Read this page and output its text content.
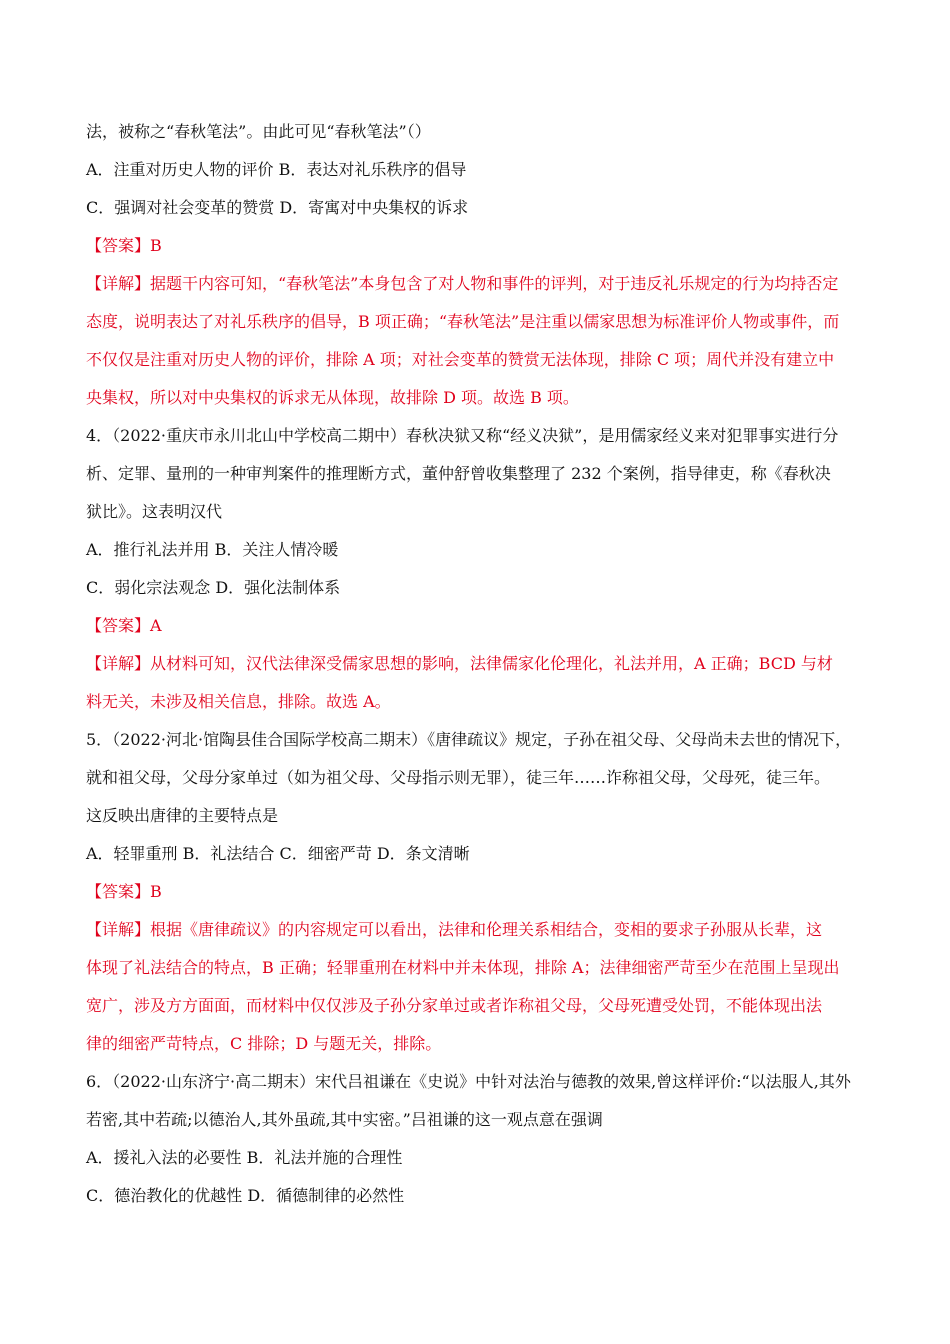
法，被称之“春秋笔法”。由此可见“春秋笔法”（）

A．注重对历史人物的评价 B．表达对礼乐秩序的倡导

C．强调对社会变革的赞赏 D．寄寓对中央集权的诉求

【答案】B

【详解】据题干内容可知，“春秋笔法”本身包含了对人物和事件的评判，对于违反礼乐规定的行为均持否定

态度，说明表达了对礼乐秩序的倡导，B 项正确；“春秋笔法”是注重以儒家思想为标准评价人物或事件，而

不仅仅是注重对历史人物的评价，排除 A 项；对社会变革的赞赏无法体现，排除 C 项；周代并没有建立中

央集权，所以对中央集权的诉求无从体现，故排除 D 项。故选 B 项。

4．（2022·重庆市永川北山中学校高二期中）春秋决狱又称“经义决狱”，是用儒家经义来对犯罪事实进行分

析、定罪、量刑的一种审判案件的推理断方式，董仲舒曾收集整理了 232 个案例，指导律吏，称《春秋决

狱比》。这表明汉代

A．推行礼法并用 B．关注人情冷暖

C．弱化宗法观念 D．强化法制体系

【答案】A

【详解】从材料可知，汉代法律深受儒家思想的影响，法律儒家化伦理化，礼法并用，A 正确；BCD 与材

料无关，未涉及相关信息，排除。故选 A。

5．（2022·河北·馆陶县佳合国际学校高二期末）《唐律疏议》规定，子孙在祖父母、父母尚未去世的情况下，

就和祖父母，父母分家单过（如为祖父母、父母指示则无罪），徒三年……诈称祖父母，父母死，徒三年。

这反映出唐律的主要特点是

A．轻罪重刑 B．礼法结合 C．细密严苛 D．条文清晰

【答案】B

【详解】根据《唐律疏议》的内容规定可以看出，法律和伦理关系相结合，变相的要求子孙服从长辈，这

体现了礼法结合的特点，B 正确；轻罪重刑在材料中并未体现，排除 A；法律细密严苛至少在范围上呈现出

宽广，涉及方方面面，而材料中仅仅涉及子孙分家单过或者诈称祖父母，父母死遭受处罚，不能体现出法

律的细密严苛特点，C 排除；D 与题无关，排除。

6．（2022·山东济宁·高二期末）宋代吕祖谦在《史说》中针对法治与德教的效果,曾这样评价:“以法服人,其外

若密,其中若疏;以德治人,其外虽疏,其中实密。”吕祖谦的这一观点意在强调

A．援礼入法的必要性 B．礼法并施的合理性

C．德治教化的优越性 D．循德制律的必然性
